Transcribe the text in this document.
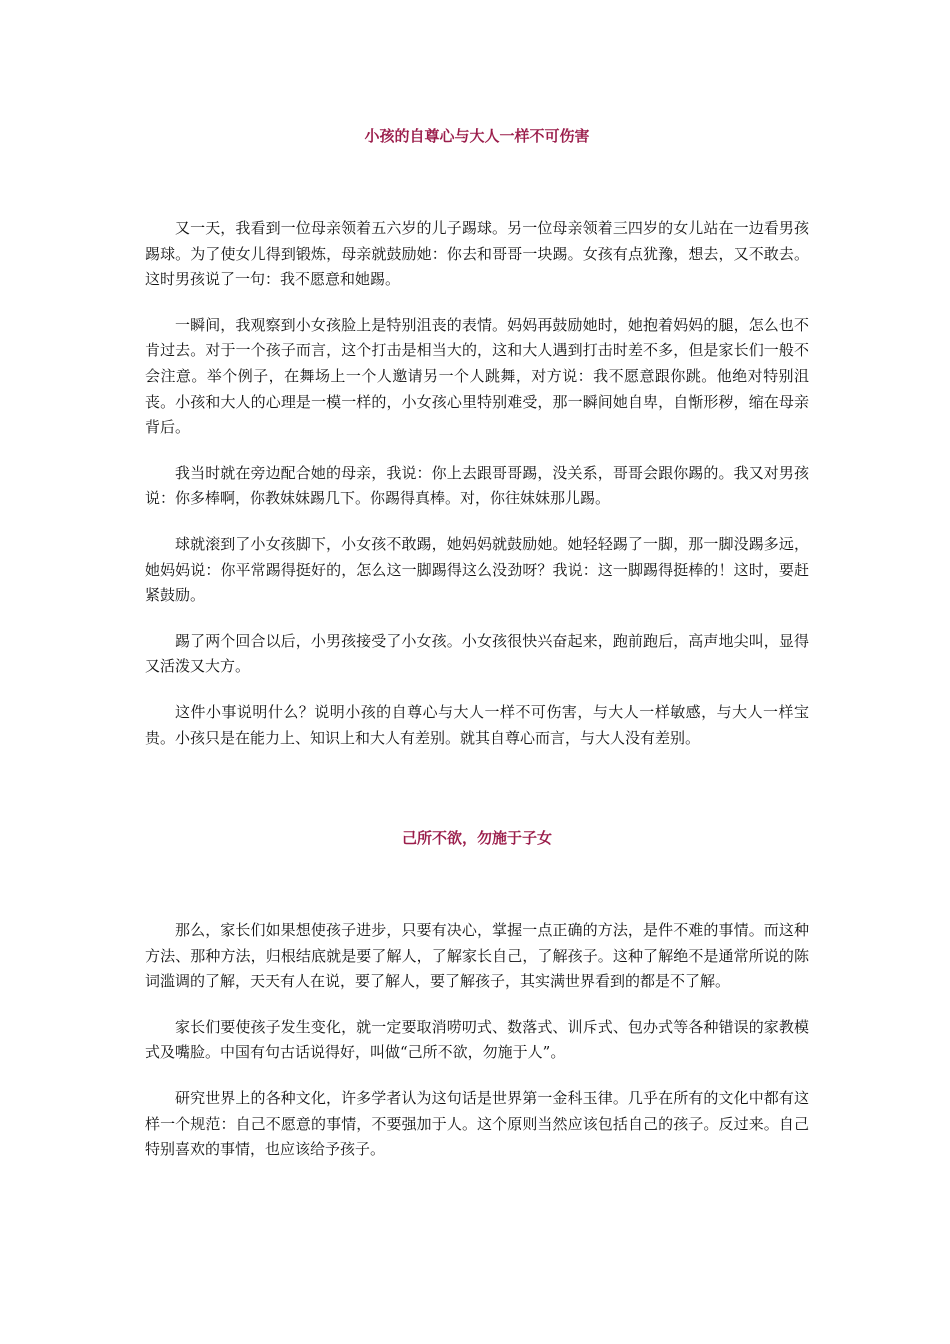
小孩的自尊心与大人一样不可伤害

又一天，我看到一位母亲领着五六岁的儿子踢球。另一位母亲领着三四岁的女儿站在一边看男孩踢球。为了使女儿得到锻炼，母亲就鼓励她：你去和哥哥一块踢。女孩有点犹豫，想去，又不敢去。这时男孩说了一句：我不愿意和她踢。

一瞬间，我观察到小女孩脸上是特别沮丧的表情。妈妈再鼓励她时，她抱着妈妈的腿，怎么也不肯过去。对于一个孩子而言，这个打击是相当大的，这和大人遇到打击时差不多，但是家长们一般不会注意。举个例子，在舞场上一个人邀请另一个人跳舞，对方说：我不愿意跟你跳。他绝对特别沮丧。小孩和大人的心理是一模一样的，小女孩心里特别难受，那一瞬间她自卑，自惭形秽，缩在母亲背后。

我当时就在旁边配合她的母亲，我说：你上去跟哥哥踢，没关系，哥哥会跟你踢的。我又对男孩说：你多棒啊，你教妹妹踢几下。你踢得真棒。对，你往妹妹那儿踢。

球就滚到了小女孩脚下，小女孩不敢踢，她妈妈就鼓励她。她轻轻踢了一脚，那一脚没踢多远，她妈妈说：你平常踢得挺好的，怎么这一脚踢得这么没劲呀？我说：这一脚踢得挺棒的！这时，要赶紧鼓励。

踢了两个回合以后，小男孩接受了小女孩。小女孩很快兴奋起来，跑前跑后，高声地尖叫，显得又活泼又大方。

这件小事说明什么？说明小孩的自尊心与大人一样不可伤害，与大人一样敏感，与大人一样宝贵。小孩只是在能力上、知识上和大人有差别。就其自尊心而言，与大人没有差别。

己所不欲，勿施于子女

那么，家长们如果想使孩子进步，只要有决心，掌握一点正确的方法，是件不难的事情。而这种方法、那种方法，归根结底就是要了解人，了解家长自己，了解孩子。这种了解绝不是通常所说的陈词滥调的了解，天天有人在说，要了解人，要了解孩子，其实满世界看到的都是不了解。

家长们要使孩子发生变化，就一定要取消唠叨式、数落式、训斥式、包办式等各种错误的家教模式及嘴脸。中国有句古话说得好，叫做“己所不欲，勿施于人”。

研究世界上的各种文化，许多学者认为这句话是世界第一金科玉律。几乎在所有的文化中都有这样一个规范：自己不愿意的事情，不要强加于人。这个原则当然应该包括自己的孩子。反过来。自己特别喜欢的事情，也应该给予孩子。
